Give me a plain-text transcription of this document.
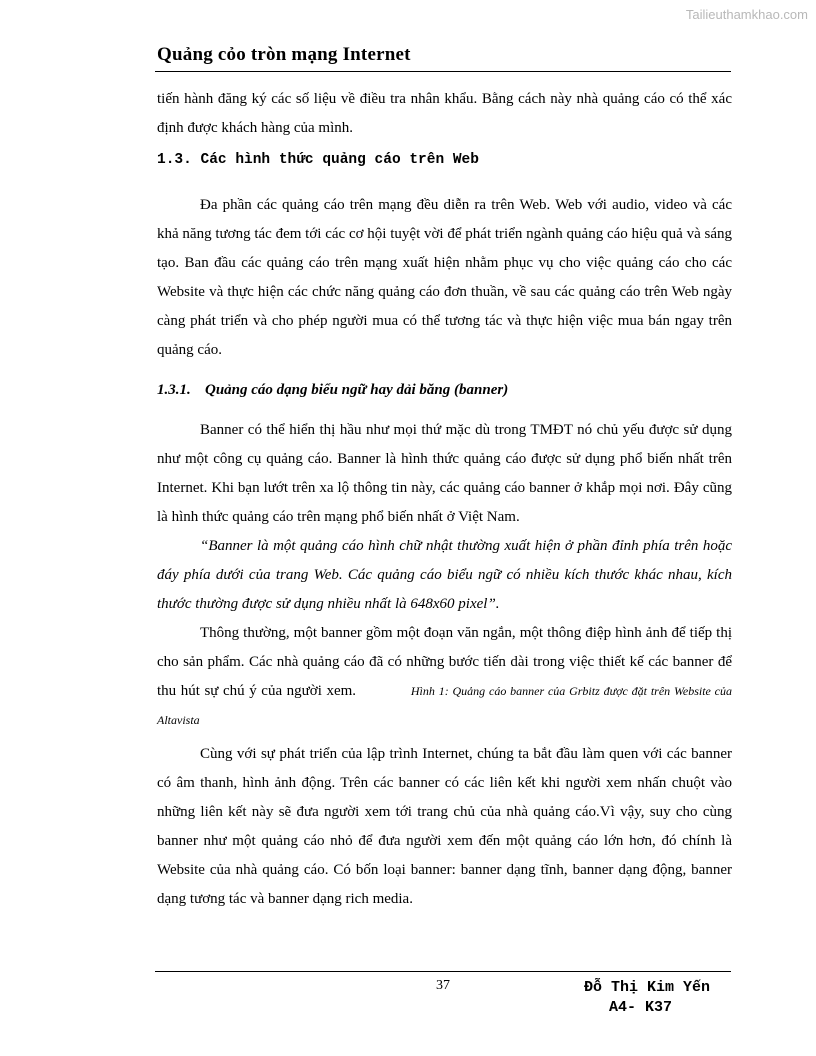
Tailieuthamkhao.com
Quảng cỏo tròn mạng Internet

tiến hành đăng ký các số liệu về điều tra nhân khẩu. Bằng cách này nhà quảng cáo có thể xác định được khách hàng của mình.

1.3. Các hình thức quảng cáo trên Web

Đa phần các quảng cáo trên mạng đều diễn ra trên Web. Web với audio, video và các khả năng tương tác đem tới các cơ hội tuyệt vời để phát triển ngành quảng cáo hiệu quả và sáng tạo. Ban đầu các quảng cáo trên mạng xuất hiện nhằm phục vụ cho việc quảng cáo cho các Website và thực hiện các chức năng quảng cáo đơn thuần, về sau các quảng cáo trên Web ngày càng phát triển và cho phép người mua có thể tương tác và thực hiện việc mua bán ngay trên quảng cáo.

1.3.1. Quảng cáo dạng biểu ngữ hay dải băng (banner)

Banner có thể hiển thị hầu như mọi thứ mặc dù trong TMĐT nó chủ yếu được sử dụng như một công cụ quảng cáo. Banner là hình thức quảng cáo được sử dụng phổ biến nhất trên Internet. Khi bạn lướt trên xa lộ thông tin này, các quảng cáo banner ở khắp mọi nơi. Đây cũng là hình thức quảng cáo trên mạng phổ biến nhất ở Việt Nam.

“Banner là một quảng cáo hình chữ nhật thường xuất hiện ở phần đỉnh phía trên hoặc đáy phía dưới của trang Web. Các quảng cáo biểu ngữ có nhiều kích thước khác nhau, kích thước thường được sử dụng nhiều nhất là 648x60 pixel”.

Thông thường, một banner gồm một đoạn văn ngắn, một thông điệp hình ảnh để tiếp thị cho sản phẩm. Các nhà quảng cáo đã có những bước tiến dài trong việc thiết kế các banner để thu hút sự chú ý của người xem.	Hình 1: Quảng cáo banner của Grbitz được đặt trên Website của Altavista

Cùng với sự phát triển của lập trình Internet, chúng ta bắt đầu làm quen với các banner có âm thanh, hình ảnh động. Trên các banner có các liên kết khi người xem nhấn chuột vào những liên kết này sẽ đưa người xem tới trang chủ của nhà quảng cáo.Vì vậy, suy cho cùng banner như một quảng cáo nhỏ để đưa người xem đến một quảng cáo lớn hơn, đó chính là Website của nhà quảng cáo. Có bốn loại banner: banner dạng tĩnh, banner dạng động, banner dạng tương tác và banner dạng rich media.

37	Đỗ Thị Kim Yến
A4- K37
